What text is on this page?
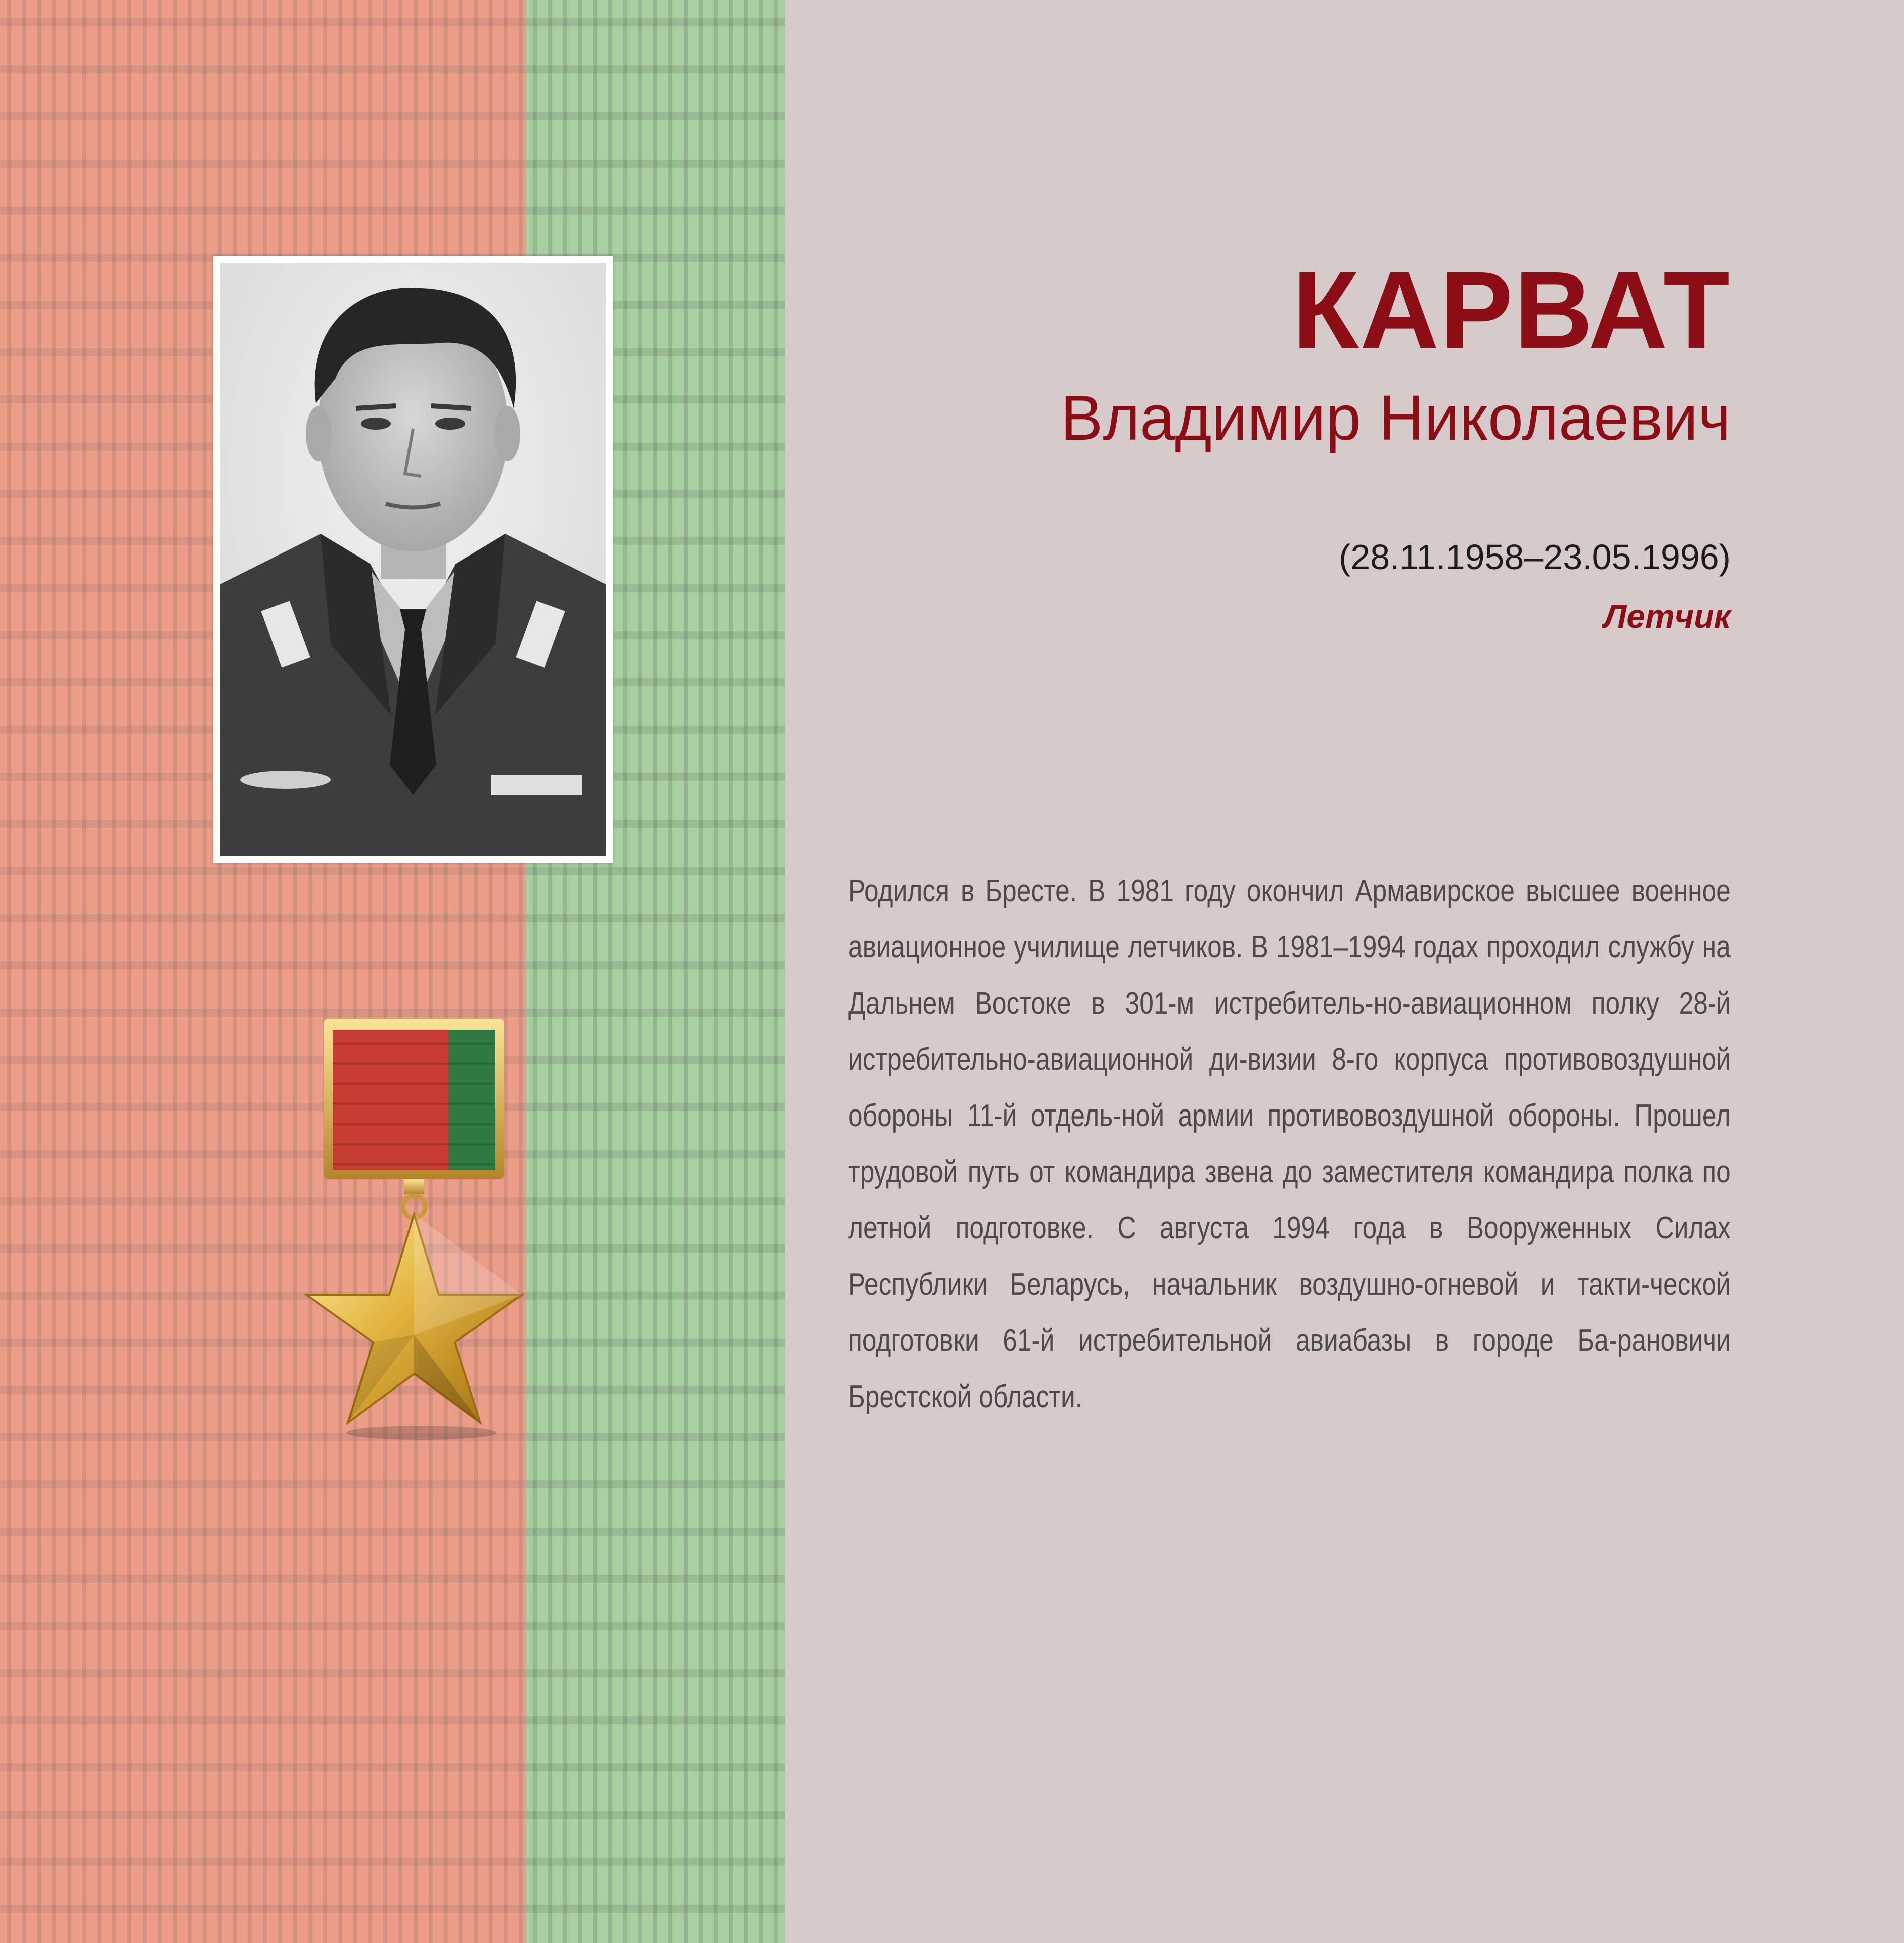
КАРВАТ
Владимир Николаевич
(28.11.1958–23.05.1996)
Летчик

Родился в Бресте. В 1981 году окончил Армавирское высшее военное авиационное училище летчиков. В 1981–1994 годах проходил службу на Дальнем Востоке в 301-м истребитель-но-авиационном полку 28-й истребительно-авиационной ди-визии 8-го корпуса противовоздушной обороны 11-й отдель-ной армии противовоздушной обороны. Прошел трудовой путь от командира звена до заместителя командира полка по летной подготовке. С августа 1994 года в Вооруженных Силах Республики Беларусь, начальник воздушно-огневой и такти-ческой подготовки 61-й истребительной авиабазы в городе Ба-рановичи Брестской области.
